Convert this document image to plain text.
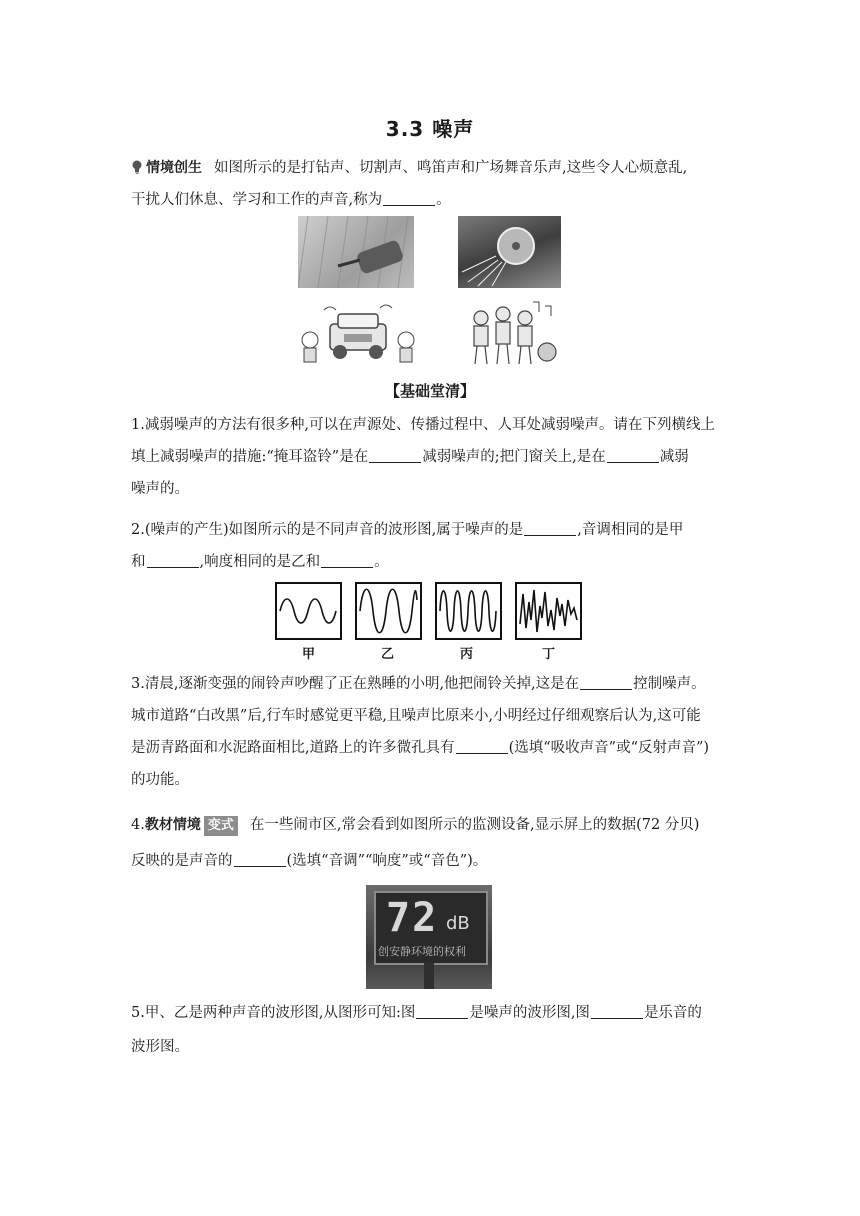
3.3 噪声
情境创生 如图所示的是打钻声、切割声、鸣笛声和广场舞音乐声,这些令人心烦意乱,
干扰人们休息、学习和工作的声音,称为	。
【基础堂清】
1.减弱噪声的方法有很多种,可以在声源处、传播过程中、人耳处减弱噪声。请在下列横线上
填上减弱噪声的措施:“掩耳盗铃”是在	减弱噪声的;把门窗关上,是在	减弱
噪声的。
2.(噪声的产生)如图所示的是不同声音的波形图,属于噪声的是	,音调相同的是甲
和	,响度相同的是乙和	。
甲	乙	丙	丁
3.清晨,逐渐变强的闹铃声吵醒了正在熟睡的小明,他把闹铃关掉,这是在	控制噪声。
城市道路“白改黑”后,行车时感觉更平稳,且噪声比原来小,小明经过仔细观察后认为,这可能
是沥青路面和水泥路面相比,道路上的许多微孔具有	(选填“吸收声音”或“反射声音”)
的功能。
4.教材情境 变式 在一些闹市区,常会看到如图所示的监测设备,显示屏上的数据(72 分贝)
反映的是声音的	(选填“音调”“响度”或“音色”)。
72 dB
创安静环境的权利
5.甲、乙是两种声音的波形图,从图形可知:图	是噪声的波形图,图	是乐音的
波形图。
